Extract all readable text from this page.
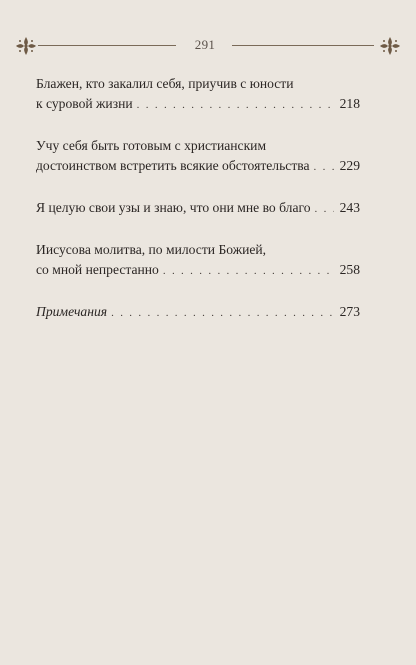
291
Блажен, кто закалил себя, приучив с юности
к суровой жизни . . .	218
Учу себя быть готовым с христианским
достоинством встретить всякие обстоятельства . . . 229
Я целую свои узы и знаю, что они мне во благо . . . 243
Иисусова молитва, по милости Божией,
со мной непрестанно . . .	258
Примечания . . .	273
